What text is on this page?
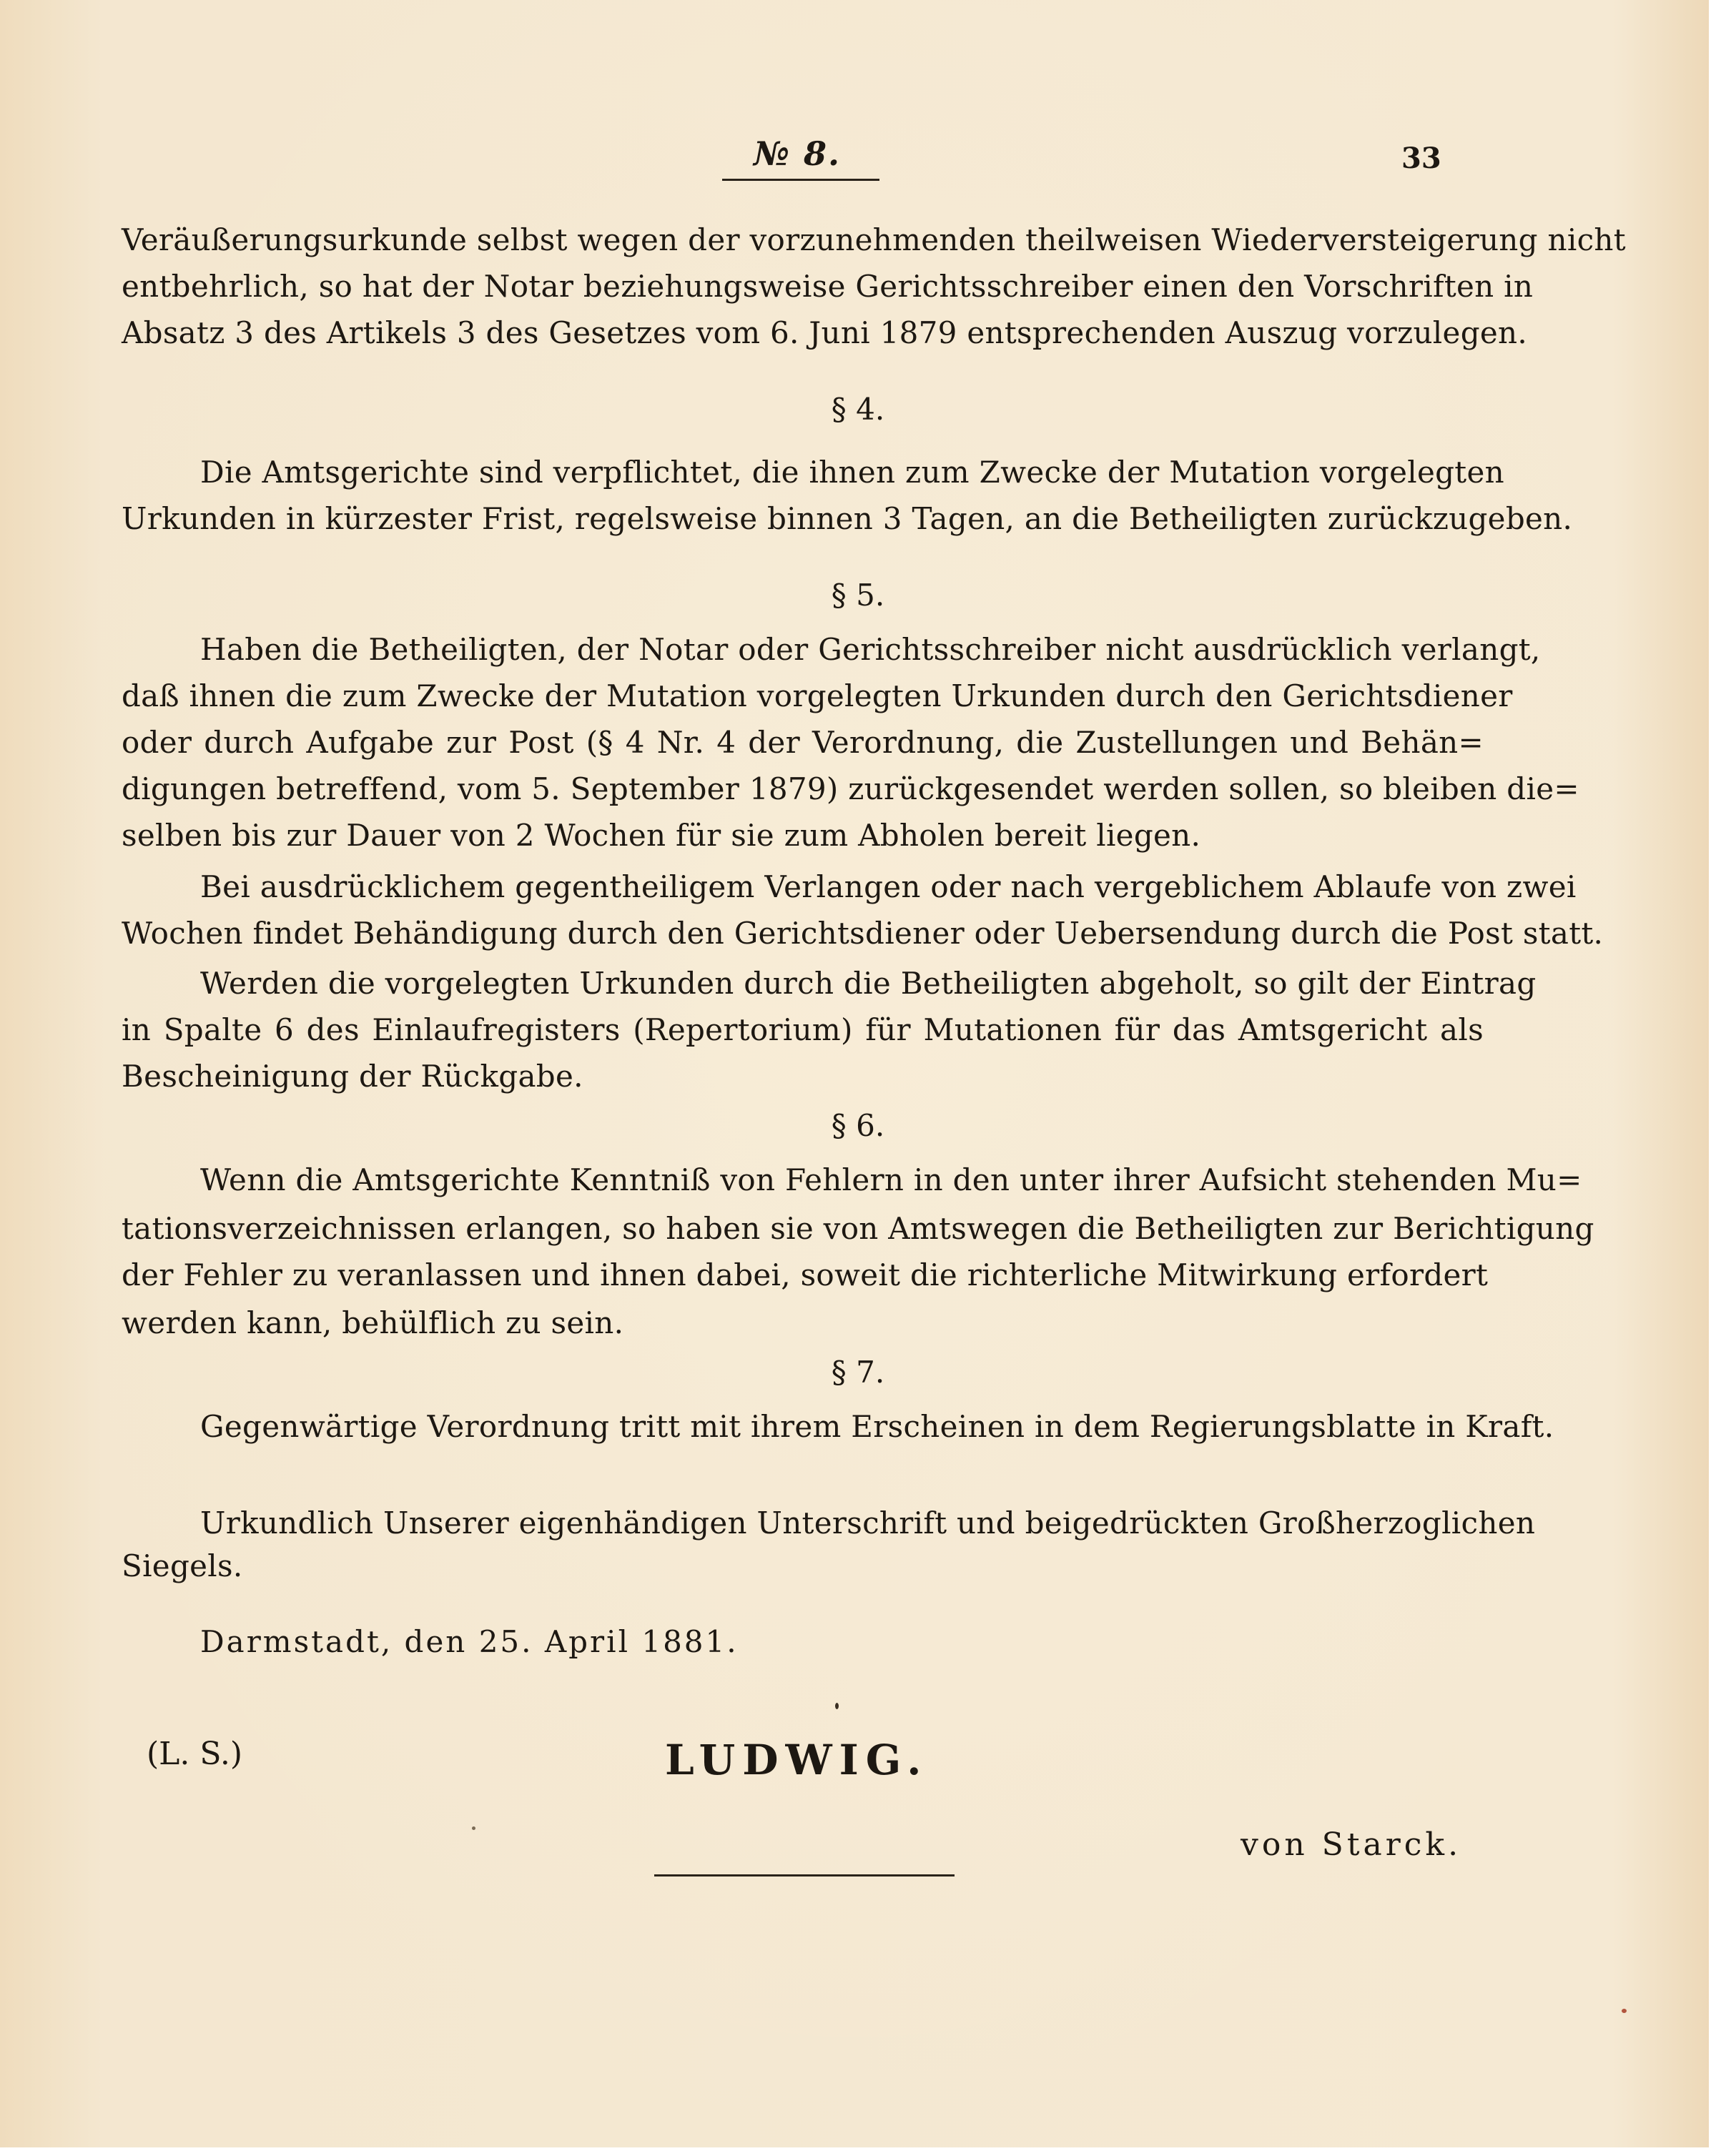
№ 8.	33
Veräußerungsurkunde selbst wegen der vorzunehmenden theilweisen Wiederversteigerung nicht
entbehrlich, so hat der Notar beziehungsweise Gerichtsschreiber einen den Vorschriften in
Absatz 3 des Artikels 3 des Gesetzes vom 6. Juni 1879 entsprechenden Auszug vorzulegen.
§ 4.
Die Amtsgerichte sind verpflichtet, die ihnen zum Zwecke der Mutation vorgelegten
Urkunden in kürzester Frist, regelsweise binnen 3 Tagen, an die Betheiligten zurückzugeben.
§ 5.
Haben die Betheiligten, der Notar oder Gerichtsschreiber nicht ausdrücklich verlangt,
daß ihnen die zum Zwecke der Mutation vorgelegten Urkunden durch den Gerichtsdiener
oder durch Aufgabe zur Post (§ 4 Nr. 4 der Verordnung, die Zustellungen und Behän=
digungen betreffend, vom 5. September 1879) zurückgesendet werden sollen, so bleiben die=
selben bis zur Dauer von 2 Wochen für sie zum Abholen bereit liegen.
Bei ausdrücklichem gegentheiligem Verlangen oder nach vergeblichem Ablaufe von zwei
Wochen findet Behändigung durch den Gerichtsdiener oder Uebersendung durch die Post statt.
Werden die vorgelegten Urkunden durch die Betheiligten abgeholt, so gilt der Eintrag
in Spalte 6 des Einlaufregisters (Repertorium) für Mutationen für das Amtsgericht als
Bescheinigung der Rückgabe.
§ 6.
Wenn die Amtsgerichte Kenntniß von Fehlern in den unter ihrer Aufsicht stehenden Mu=
tationsverzeichnissen erlangen, so haben sie von Amtswegen die Betheiligten zur Berichtigung
der Fehler zu veranlassen und ihnen dabei, soweit die richterliche Mitwirkung erfordert
werden kann, behülflich zu sein.
§ 7.
Gegenwärtige Verordnung tritt mit ihrem Erscheinen in dem Regierungsblatte in Kraft.
Urkundlich Unserer eigenhändigen Unterschrift und beigedrückten Großherzoglichen
Siegels.
Darmstadt, den 25. April 1881.
(L. S.)	LUDWIG.
von Starck.
